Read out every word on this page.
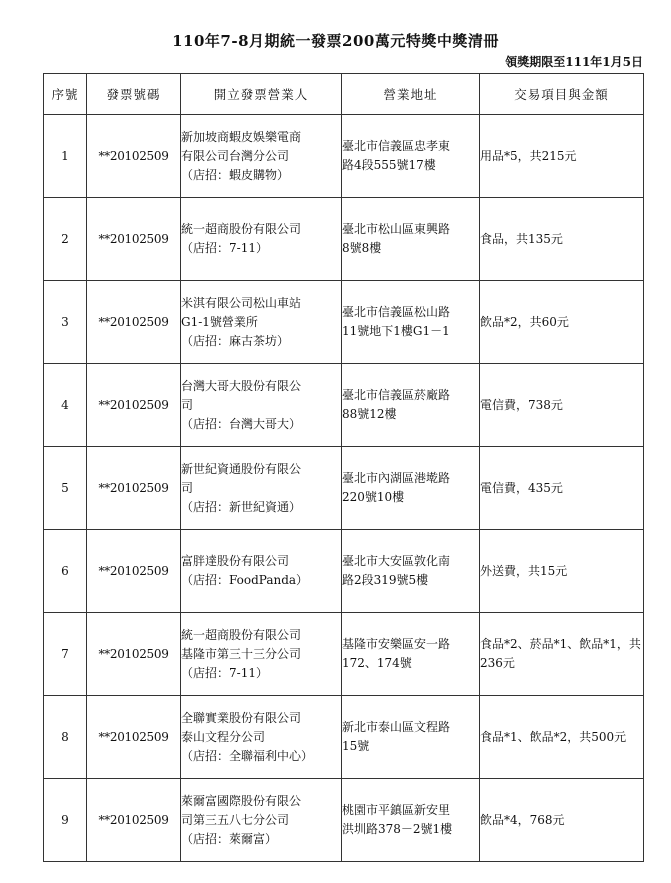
110年7-8月期統一發票200萬元特獎中獎清冊
領獎期限至111年1月5日
序號	發票號碼	開立發票營業人	營業地址	交易項目與金額
1	**20102509	新加坡商蝦皮娛樂電商
有限公司台灣分公司
（店招：蝦皮購物）	臺北市信義區忠孝東
路4段555號17樓	用品*5，共215元

2	**20102509	統一超商股份有限公司
（店招：7-11）	臺北市松山區東興路
8號8樓	食品，共135元

3	**20102509	米淇有限公司松山車站
G1-1號營業所
（店招：麻古茶坊）	臺北市信義區松山路
11號地下1樓G1－1	飲品*2，共60元

4	**20102509	台灣大哥大股份有限公
司
（店招：台灣大哥大）	臺北市信義區菸廠路
88號12樓	電信費，738元

5	**20102509	新世紀資通股份有限公
司
（店招：新世紀資通）	臺北市內湖區港墘路
220號10樓	電信費，435元

6	**20102509	富胖達股份有限公司
（店招：FoodPanda）	臺北市大安區敦化南
路2段319號5樓	外送費，共15元

7	**20102509	統一超商股份有限公司
基隆市第三十三分公司
（店招：7-11）	基隆市安樂區安一路
172、174號	食品*2、菸品*1、飲品*1，共236元

8	**20102509	全聯實業股份有限公司
泰山文程分公司
（店招：全聯福利中心）	新北市泰山區文程路
15號	食品*1、飲品*2，共500元

9	**20102509	萊爾富國際股份有限公
司第三五八七分公司
（店招：萊爾富）	桃園市平鎮區新安里
洪圳路378－2號1樓	飲品*4，768元
